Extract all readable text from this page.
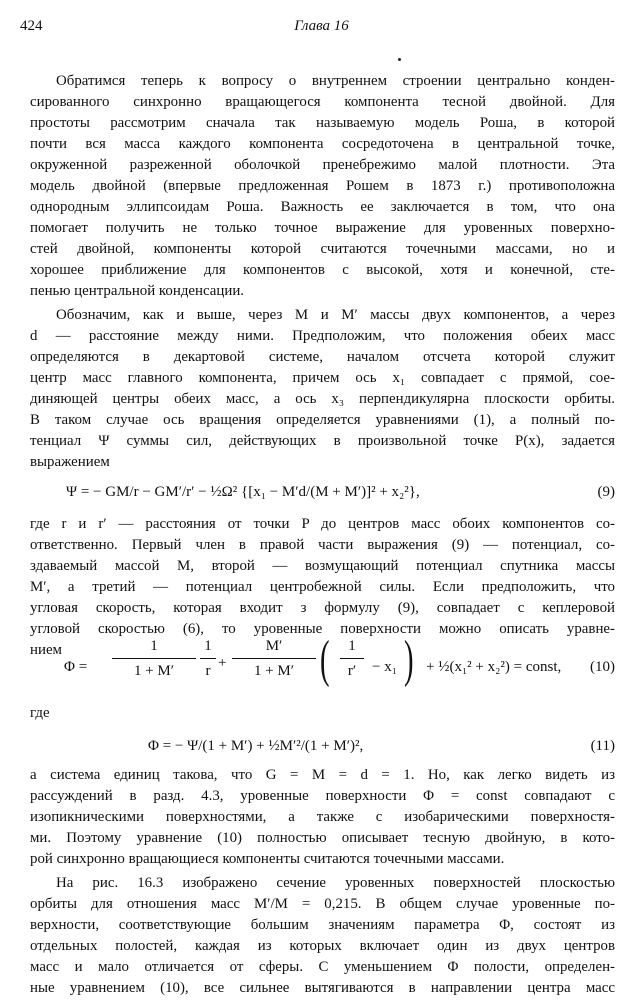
424	Глава 16
Обратимся теперь к вопросу о внутреннем строении центрально конден-
сированного синхронно вращающегося компонента тесной двойной. Для
простоты рассмотрим сначала так называемую модель Роша, в которой
почти вся масса каждого компонента сосредоточена в центральной точке,
окруженной разреженной оболочкой пренебрежимо малой плотности. Эта
модель двойной (впервые предложенная Рошем в 1873 г.) противоположна
однородным эллипсоидам Роша. Важность ее заключается в том, что она
помогает получить не только точное выражение для уровенных поверхно-
стей двойной, компоненты которой считаются точечными массами, но и
хорошее приближение для компонентов с высокой, хотя и конечной, сте-
пенью центральной конденсации.
Обозначим, как и выше, через M и M′ массы двух компонентов, а через
d — расстояние между ними. Предположим, что положения обеих масс
определяются в декартовой системе, началом отсчета которой служит
центр масс главного компонента, причем ось x₁ совпадает с прямой, сое-
диняющей центры обеих масс, а ось x₃ перпендикулярна плоскости орбиты.
В таком случае ось вращения определяется уравнениями (1), а полный по-
тенциал Ψ суммы сил, действующих в произвольной точке P(x), задается
выражением
Ψ = − GM/r − GM′/r′ − ½Ω² {[x₁ − M′d/(M + M′)]² + x₂²},	(9)
где r и r′ — расстояния от точки P до центров масс обоих компонентов со-
ответственно. Первый член в правой части выражения (9) — потенциал, со-
здаваемый массой M, второй — возмущающий потенциал спутника массы
M′, а третий — потенциал центробежной силы. Если предположить, что
угловая скорость, которая входит з формулу (9), совпадает с кеплеровой
угловой скоростью (6), то уровенные поверхности можно описать уравне-
нием
Φ =
1
1 + M′
1
r +
M′
1 + M′ (	1
r′	− x₁ ) + ½(x₁² + x₂²) = const, (10)
где
Φ = − Ψ/(1 + M′) + ½M′²/(1 + M′)²,	(11)
а система единиц такова, что G = M = d = 1. Но, как легко видеть из
рассуждений в разд. 4.3, уровенные поверхности Φ = const совпадают с
изопикническими поверхностями, а также с изобарическими поверхностя-
ми. Поэтому уравнение (10) полностью описывает тесную двойную, в кото-
рой синхронно вращающиеся компоненты считаются точечными массами.
На рис. 16.3 изображено сечение уровенных поверхностей плоскостью
орбиты для отношения масс M′/M = 0,215. В общем случае уровенные по-
верхности, соответствующие большим значениям параметра Φ, состоят из
отдельных полостей, каждая из которых включает один из двух центров
масс и мало отличается от сферы. С уменьшением Φ полости, определен-
ные уравнением (10), все сильнее вытягиваются в направлении центра масс
